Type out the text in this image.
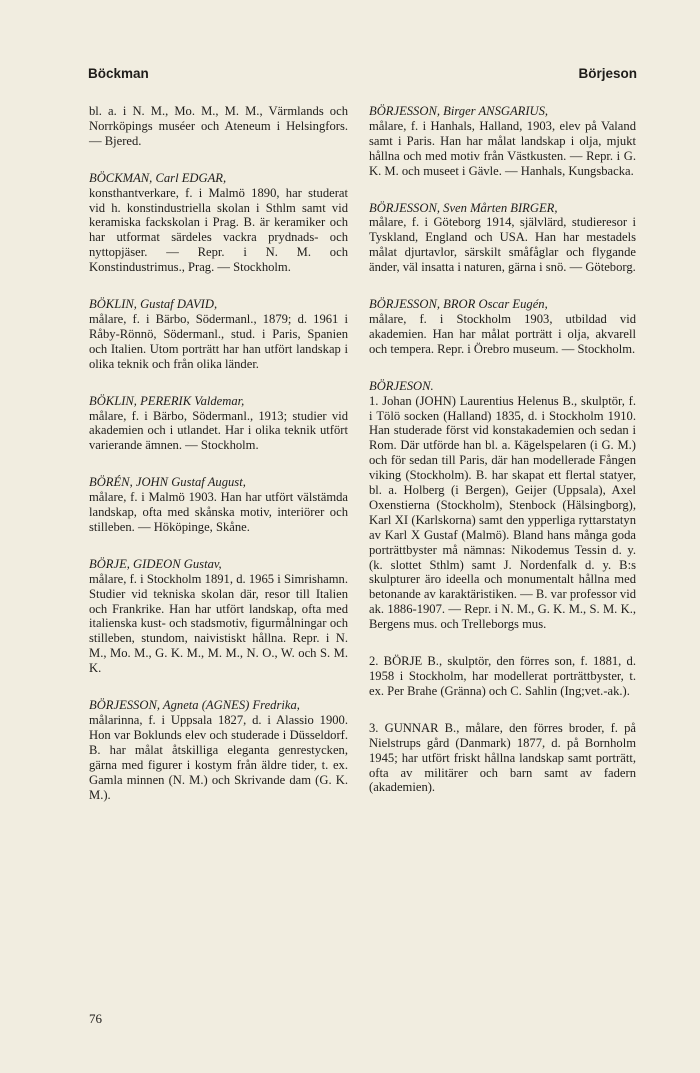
Böckman	Börjeson
bl. a. i N. M., Mo. M., M. M., Värmlands och Norrköpings muséer och Ateneum i Helsingfors. — Bjered.
BÖCKMAN, Carl EDGAR,
konsthantverkare, f. i Malmö 1890, har studerat vid h. konstindustriella skolan i Sthlm samt vid keramiska fackskolan i Prag. B. är keramiker och har utformat särdeles vackra prydnads- och nyttopjäser. — Repr. i N. M. och Konstindustrimus., Prag. — Stockholm.
BÖKLIN, Gustaf DAVID,
målare, f. i Bärbo, Södermanl., 1879; d. 1961 i Råby-Rönnö, Södermanl., stud. i Paris, Spanien och Italien. Utom porträtt har han utfört landskap i olika teknik och från olika länder.
BÖKLIN, PERERIK Valdemar,
målare, f. i Bärbo, Södermanl., 1913; studier vid akademien och i utlandet. Har i olika teknik utfört varierande ämnen. — Stockholm.
BÖRÉN, JOHN Gustaf August,
målare, f. i Malmö 1903. Han har utfört välstämda landskap, ofta med skånska motiv, interiörer och stilleben. — Hököpinge, Skåne.
BÖRJE, GIDEON Gustav,
målare, f. i Stockholm 1891, d. 1965 i Simrishamn. Studier vid tekniska skolan där, resor till Italien och Frankrike. Han har utfört landskap, ofta med italienska kust- och stadsmotiv, figurmålningar och stilleben, stundom, naivistiskt hållna. Repr. i N. M., Mo. M., G. K. M., M. M., N. O., W. och S. M. K.
BÖRJESSON, Agneta (AGNES) Fredrika,
målarinna, f. i Uppsala 1827, d. i Alassio 1900. Hon var Boklunds elev och studerade i Düsseldorf. B. har målat åtskilliga eleganta genrestycken, gärna med figurer i kostym från äldre tider, t. ex. Gamla minnen (N. M.) och Skrivande dam (G. K. M.).
BÖRJESSON, Birger ANSGARIUS,
målare, f. i Hanhals, Halland, 1903, elev på Valand samt i Paris. Han har målat landskap i olja, mjukt hållna och med motiv från Västkusten. — Repr. i G. K. M. och museet i Gävle. — Hanhals, Kungsbacka.
BÖRJESSON, Sven Mårten BIRGER,
målare, f. i Göteborg 1914, självlärd, studieresor i Tyskland, England och USA. Han har mestadels målat djurtavlor, särskilt småfåglar och flygande änder, väl insatta i naturen, gärna i snö. — Göteborg.
BÖRJESSON, BROR Oscar Eugén,
målare, f. i Stockholm 1903, utbildad vid akademien. Han har målat porträtt i olja, akvarell och tempera. Repr. i Örebro museum. — Stockholm.
BÖRJESON.
1. Johan (JOHN) Laurentius Helenus B., skulptör, f. i Tölö socken (Halland) 1835, d. i Stockholm 1910. Han studerade först vid konstakademien och sedan i Rom. Där utförde han bl. a. Kägelspelaren (i G. M.) och för sedan till Paris, där han modellerade Fången viking (Stockholm). B. har skapat ett flertal statyer, bl. a. Holberg (i Bergen), Geijer (Uppsala), Axel Oxenstierna (Stockholm), Stenbock (Hälsingborg), Karl XI (Karlskorna) samt den ypperliga ryttarstatyn av Karl X Gustaf (Malmö). Bland hans många goda porträttbyster må nämnas: Nikodemus Tessin d. y. (k. slottet Sthlm) samt J. Nordenfalk d. y. B:s skulpturer äro ideella och monumentalt hållna med betonande av karaktäristiken. — B. var professor vid ak. 1886-1907. — Repr. i N. M., G. K. M., S. M. K., Bergens mus. och Trelleborgs mus.
2. BÖRJE B., skulptör, den förres son, f. 1881, d. 1958 i Stockholm, har modellerat porträttbyster, t. ex. Per Brahe (Gränna) och C. Sahlin (Ing;vet.-ak.).
3. GUNNAR B., målare, den förres broder, f. på Nielstrups gård (Danmark) 1877, d. på Bornholm 1945; har utfört friskt hållna landskap samt porträtt, ofta av militärer och barn samt av fadern (akademien).
76
